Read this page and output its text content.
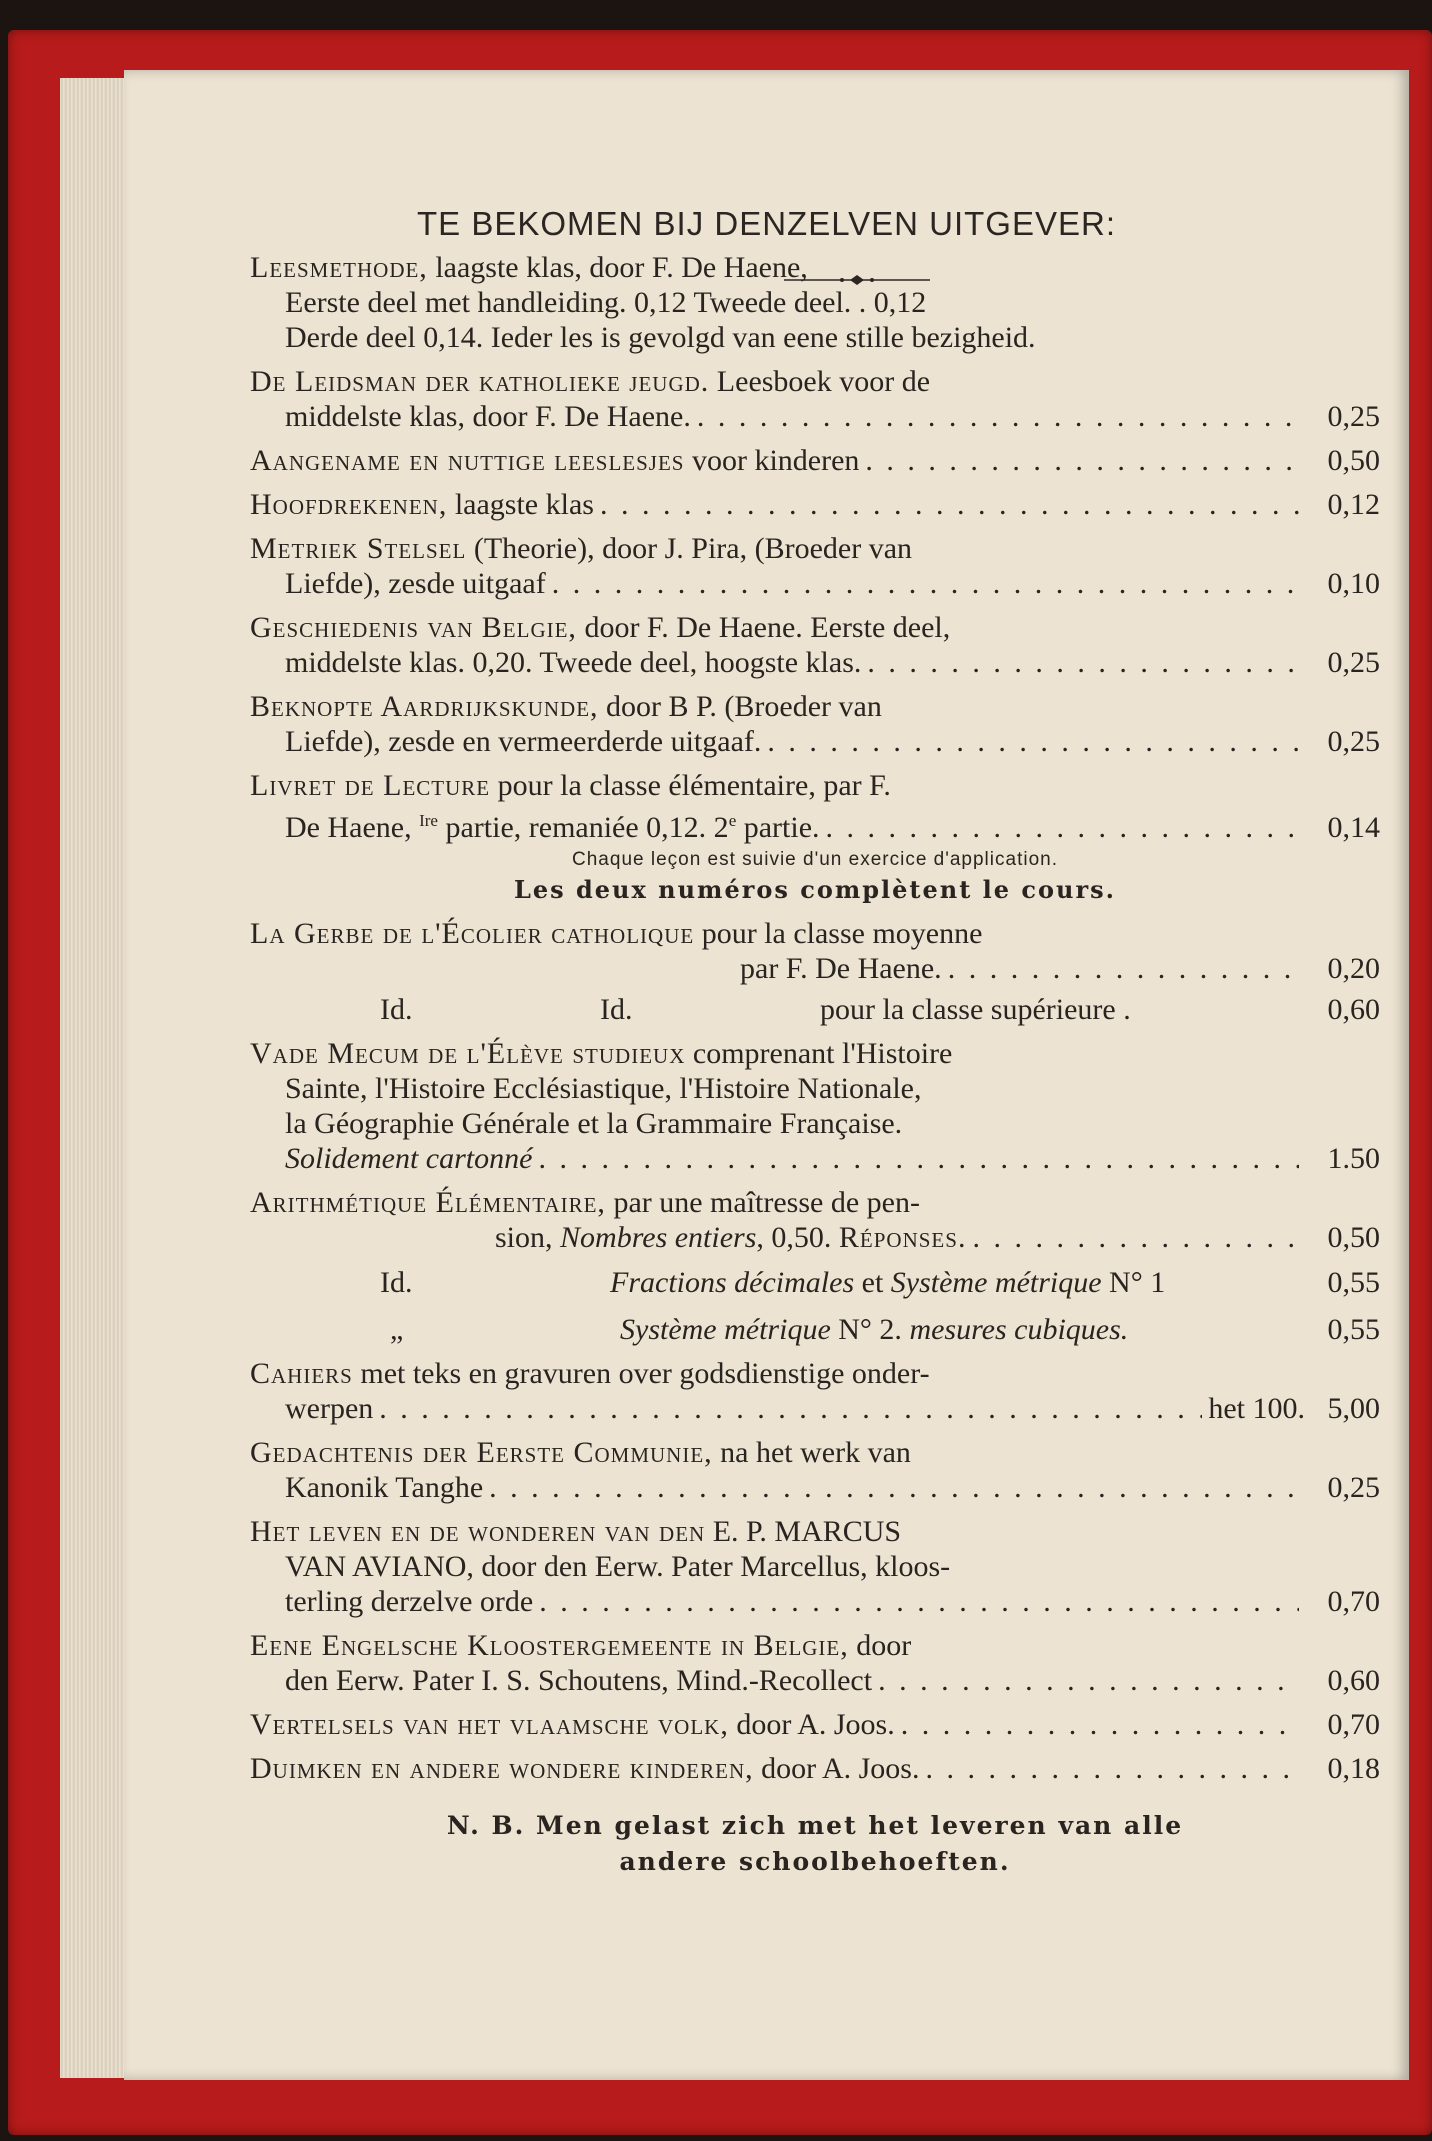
TE BEKOMEN BIJ DENZELVEN UITGEVER:
Leesmethode,
laagste klas, door F. De Haene,
Eerste deel met handleiding. 0,12 Tweede deel. . 0,12
Derde deel 0,14. Ieder les is gevolgd van eene stille bezigheid.
De Leidsman der katholieke jeugd.
Leesboek voor de
middelste klas, door F. De Haene. . . .	0,25
Aangename en nuttige leeslesjes
voor kinderen . . .	0,50
Hoofdrekenen,
laagste klas . . .	0,12
Metriek Stelsel
(Theorie), door J. Pira, (Broeder van
Liefde), zesde uitgaaf . . .	0,10
Geschiedenis van Belgie,
door F. De Haene. Eerste deel,
middelste klas. 0,20. Tweede deel, hoogste klas. . . .	0,25
Beknopte Aardrijkskunde,
door B P. (Broeder van
Liefde), zesde en vermeerderde uitgaaf. . . .	0,25
Livret de Lecture
pour la classe élémentaire, par F.
De Haene, $^{Ire}$ partie, remaniée 0,12. 2e partie. . . .	0,14
Chaque leçon est suivie d'un exercice d'application.
Les deux numéros complètent le cours.
La Gerbe de l'Écolier catholique
pour la classe moyenne
par F. De Haene. . . .	0,20
Id.	Id.	pour la classe supérieure .	0,60
Vade Mecum de l'Élève studieux
comprenant l'Histoire
Sainte, l'Histoire Ecclésiastique, l'Histoire Nationale,
la Géographie Générale et la Grammaire Française.
Solidement cartonné . . .	1.50
Arithmétique Élémentaire,
par une maîtresse de pen-
sion, Nombres entiers, 0,50. Réponses. . . .	0,50
Id.	Fractions décimales et Système métrique N° 1	0,55
„	Système métrique N° 2. mesures cubiques.	0,55
Cahiers
met teks en gravuren over godsdienstige onder-
werpen . . .	het 100. 5,00
Gedachtenis der Eerste Communie,
na het werk van
Kanonik Tanghe . . .	0,25
Het leven en de wonderen van den
E. P. MARCUS
VAN AVIANO, door den Eerw. Pater Marcellus, kloos-
terling derzelve orde . . .	0,70
Eene Engelsche Kloostergemeente in Belgie,
door
den Eerw. Pater I. S. Schoutens, Mind.-Recollect . . .	0,60
Vertelsels van het vlaamsche volk,
door A. Joos. . . .	0,70
Duimken en andere wondere kinderen,
door A. Joos. . . .	0,18
N. B. Men gelast zich met het leveren van alle
andere schoolbehoeften.
